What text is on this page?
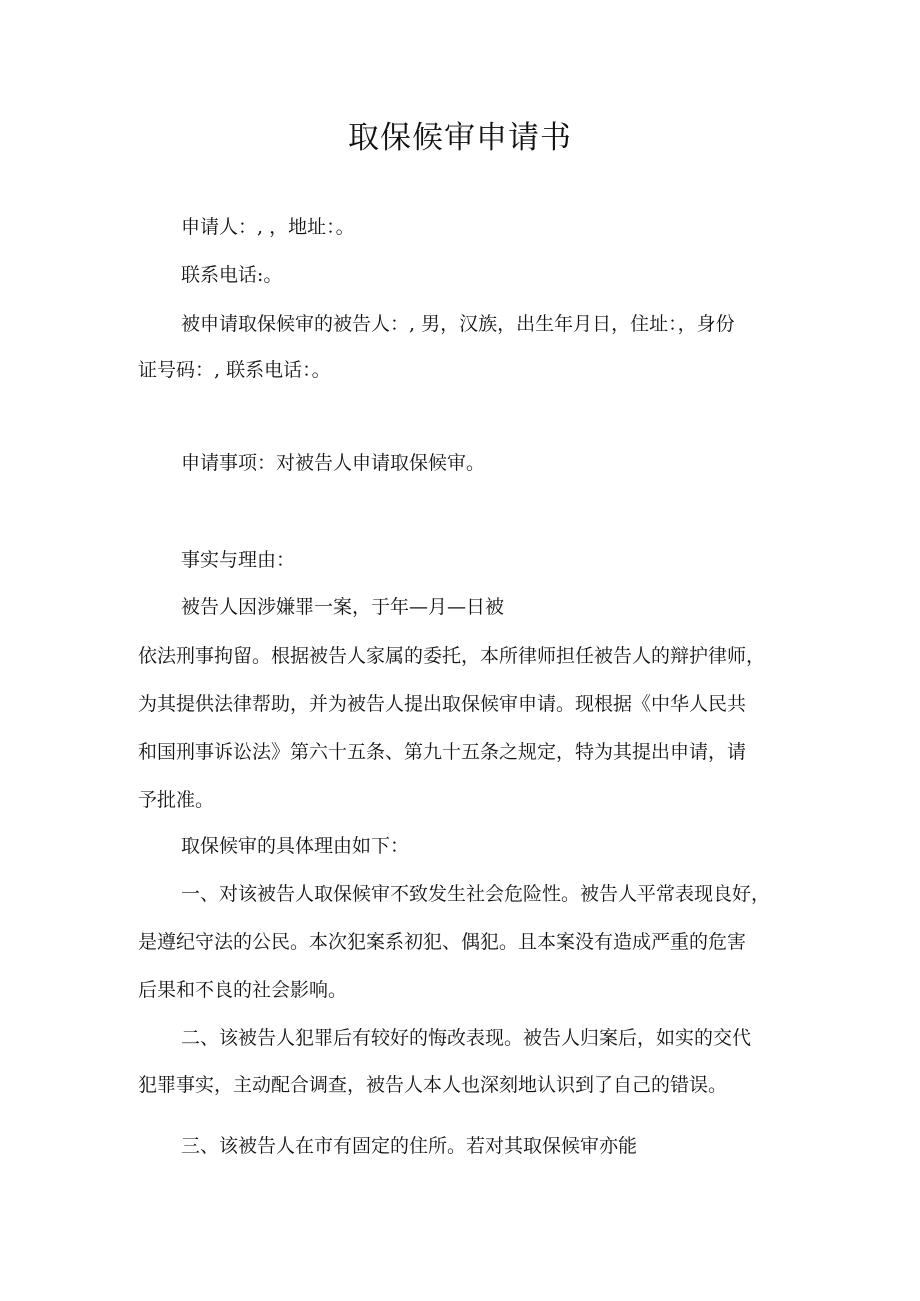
取保候审申请书
申请人：, ，地址：。
联系电话:。
被申请取保候审的被告人：, 男，汉族，出生年月日，住址：，身份
证号码：, 联系电话：。
申请事项：对被告人申请取保候审。
事实与理由：
被告人因涉嫌罪一案，于年—月—日被
依法刑事拘留。根据被告人家属的委托，本所律师担任被告人的辩护律师，
为其提供法律帮助，并为被告人提出取保候审申请。现根据《中华人民共
和国刑事诉讼法》第六十五条、第九十五条之规定，特为其提出申请，请
予批准。
取保候审的具体理由如下：
一、对该被告人取保候审不致发生社会危险性。被告人平常表现良好，
是遵纪守法的公民。本次犯案系初犯、偶犯。且本案没有造成严重的危害
后果和不良的社会影响。
二、该被告人犯罪后有较好的悔改表现。被告人归案后，如实的交代
犯罪事实，主动配合调查，被告人本人也深刻地认识到了自己的错误。
三、该被告人在市有固定的住所。若对其取保候审亦能
